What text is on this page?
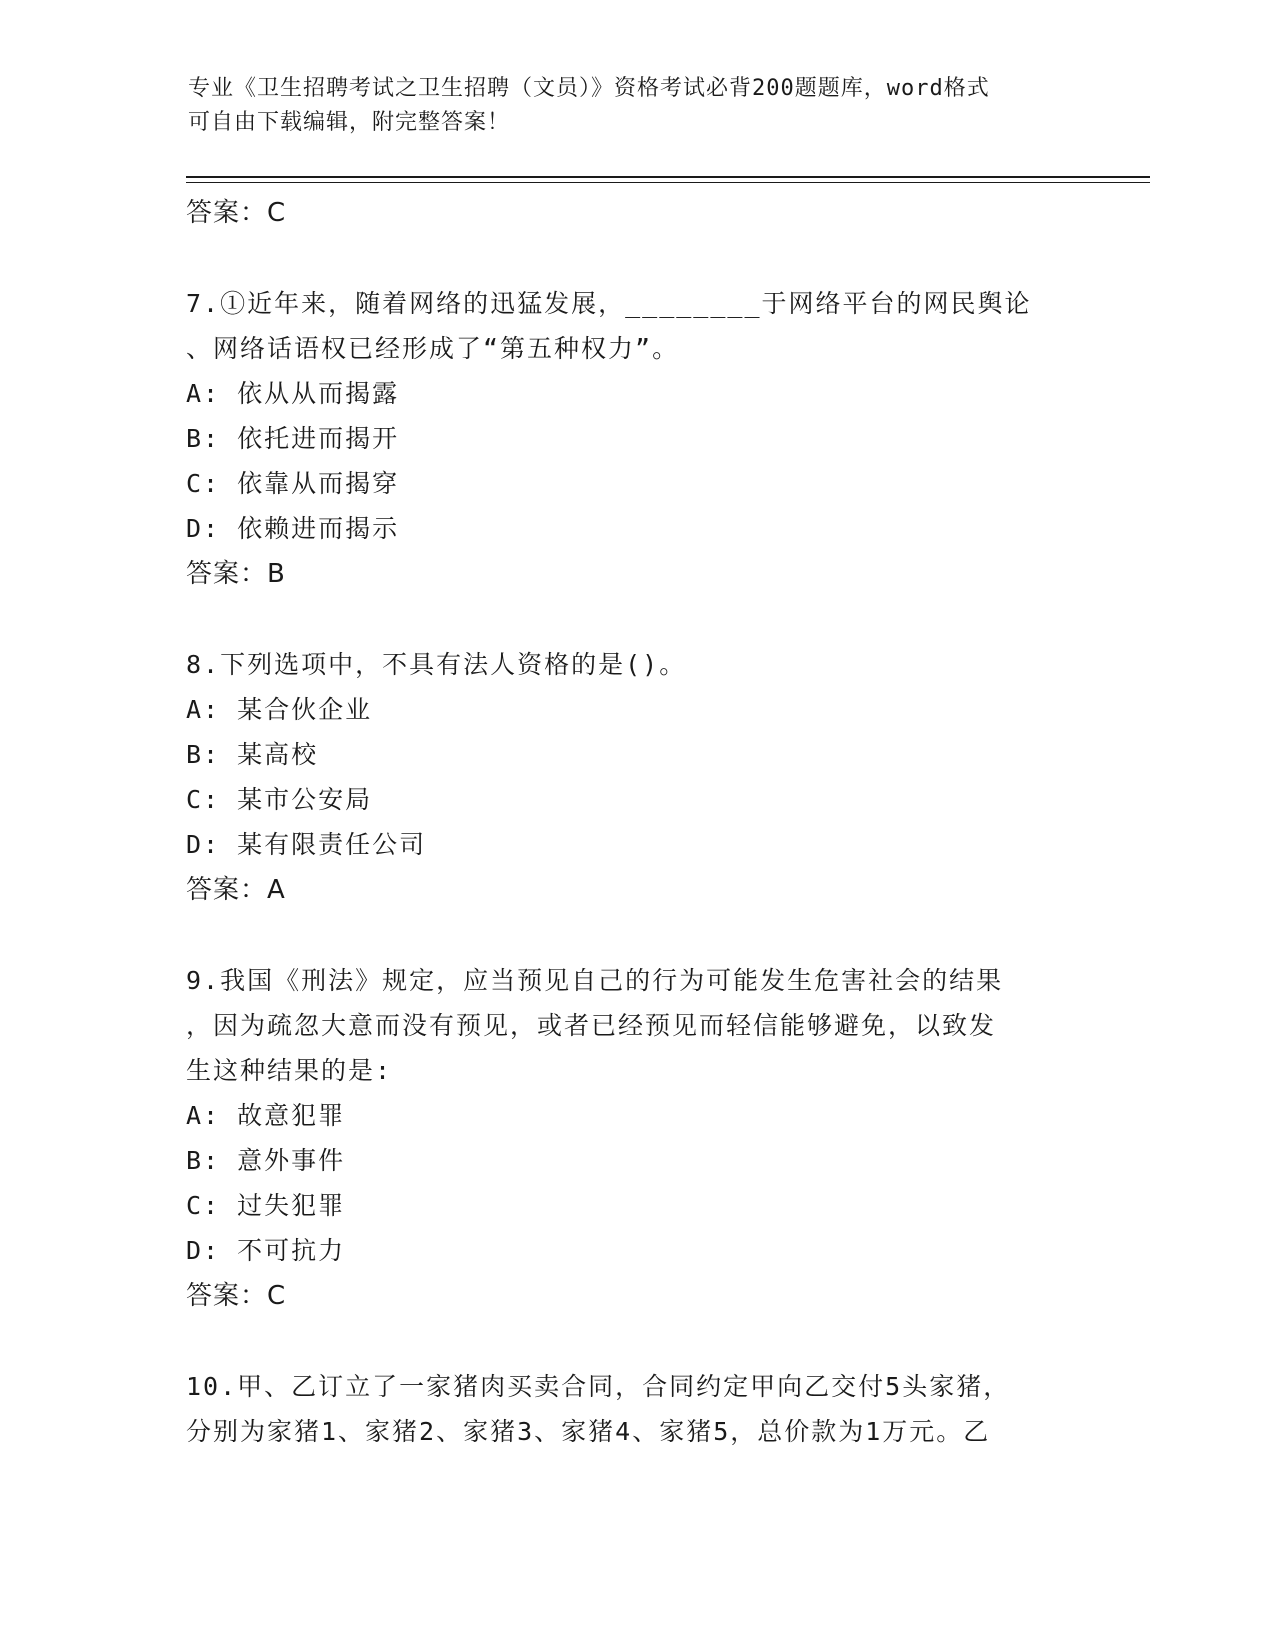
专业《卫生招聘考试之卫生招聘（文员）》资格考试必背200题题库，word格式
可自由下载编辑，附完整答案！
答案：C
7.①近年来，随着网络的迅猛发展，________于网络平台的网民舆论
、网络话语权已经形成了“第五种权力”。
A: 依从从而揭露
B: 依托进而揭开
C: 依靠从而揭穿
D: 依赖进而揭示
答案：B
8.下列选项中，不具有法人资格的是()。
A: 某合伙企业
B: 某高校
C: 某市公安局
D: 某有限责任公司
答案：A
9.我国《刑法》规定，应当预见自己的行为可能发生危害社会的结果
，因为疏忽大意而没有预见，或者已经预见而轻信能够避免，以致发
生这种结果的是:
A: 故意犯罪
B: 意外事件
C: 过失犯罪
D: 不可抗力
答案：C
10.甲、乙订立了一家猪肉买卖合同，合同约定甲向乙交付5头家猪，
分别为家猪1、家猪2、家猪3、家猪4、家猪5，总价款为1万元。乙
